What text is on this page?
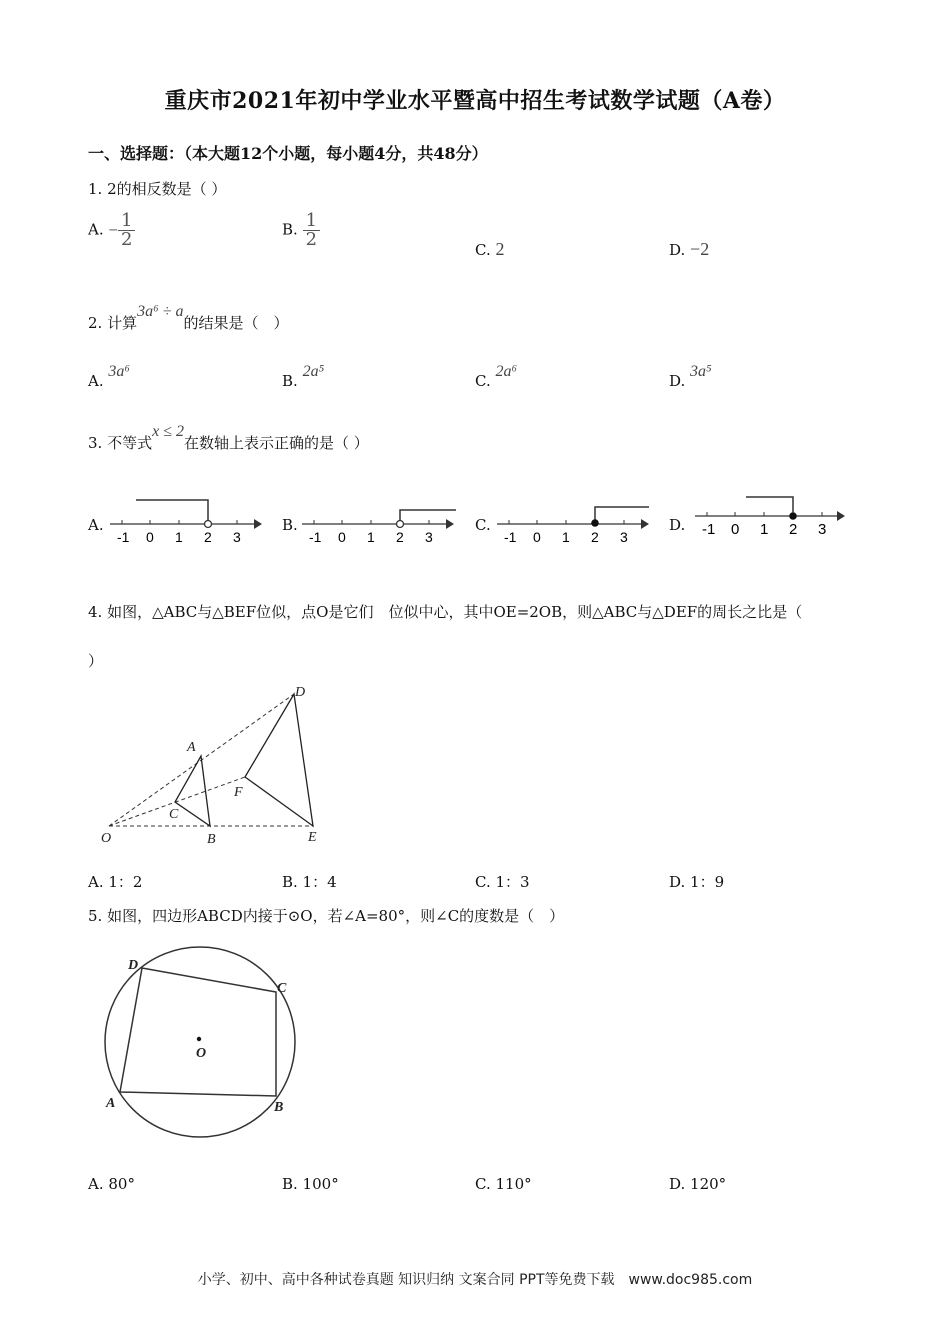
重庆市2021年初中学业水平暨高中招生考试数学试题（A卷）
一、选择题：（本大题12个小题，每小题4分，共48分）
1. 2的相反数是（ ）
A. − $\frac{1}{2}$	B. $\frac{1}{2}$
C. 2	D. −2
2. 计算3a⁶ ÷ a的结果是（　）
A. 3a⁶
B. 2a⁵
C. 2a⁶
D. 3a⁵
3. 不等式x ≤ 2在数轴上表示正确的是（ ）
A.
-1 0 1 2 3
B.
-1 0 1 2 3
C.
-1 0 1 2 3
D. -1 0 1 2 3
4. 如图，△ABC与△BEF位似，点O是它们　位似中心，其中OE=2OB，则△ABC与△DEF的周长之比是（
）
D
A
F
C
O	B	E
A. 1：2	B. 1：4	C. 1：3	D. 1：9
5. 如图，四边形ABCD内接于⊙O，若∠A=80°，则∠C的度数是（　）
D
C
O
A	B
A. 80°	B. 100°	C. 110°	D. 120°
小学、初中、高中各种试卷真题 知识归纳 文案合同 PPT等免费下载　www.doc985.com
